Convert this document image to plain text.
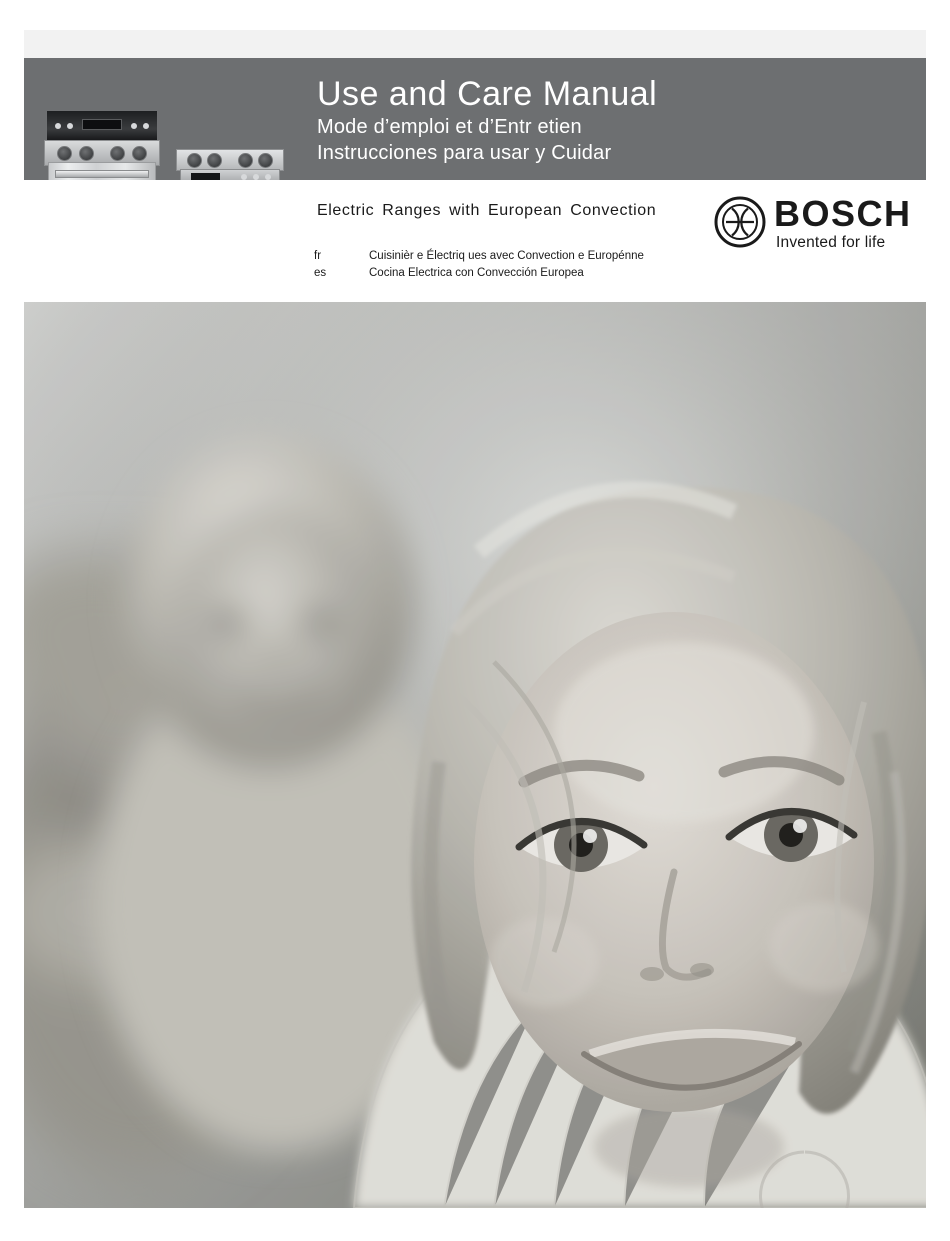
Use and Care Manual
Mode d’emploi et d’Entr etien
Instrucciones para usar y Cuidar
Electric Ranges with European Convection
fr	Cuisinièr e Électriq ues avec Convection e Europénne
es	Cocina Electrica con Convección Europea
BOSCH
Invented for life
